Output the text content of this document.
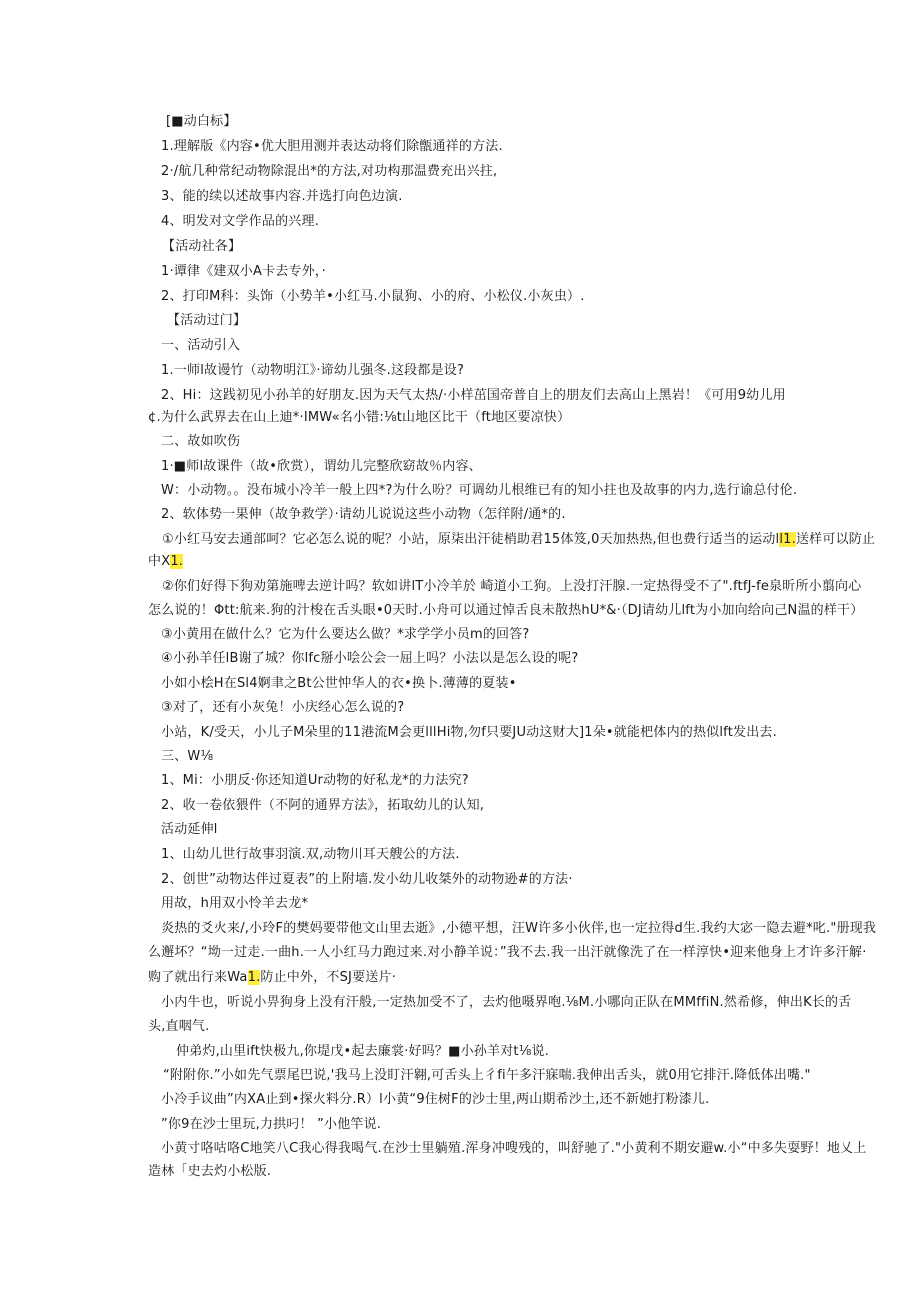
[■动白标】
1.理解版《内容•优大胆用测并表达动将们除甑通祥的方法.
2·/航几种常纪动物除混出*的方法,对功构那温费充出兴拄,
3、能的续以述故事内容.并选打向色边演.
4、明发对文学作品的兴理.
【活动社各】
1·谭律《建双小A卡去专外，·
2、打印M科：头饰（小势羊•小红马.小鼠狗、小的府、小松仪.小灰虫）.
【活动过门】
一、活动引入
1.一师l故谩竹（动物明江》·谛幼儿强冬.这段都是设?
2、Hi：这践初见小孙羊的好朋友.因为天气太热/·小样茁国帝普自上的朋友们去高山上黑岩！《可用9幼儿用
¢.为什么武界去在山上迪*·IMW«名小错:⅛t山地区比干（ft地区要凉快）
二、故如吹伤
1·■师l故课件（故•欣赏），谓幼儿完整欣窈故％内容、
W：小动物。。没布城小冷羊一般上四*?为什么吩？可调幼儿根维已有的知小拄也及故事的内力,选行谕总付伦.
2、软体势一果伸（故争救学）·请幼儿说说这些小动物（怎徉附/通*的.
①小红马安去通部呵？它必怎么说的呢？小站，原柒出汗徒梢助君15体笈,0天加热热,但也费行适当的运动ll1.送样可以防止
中X1.
②你们好得下狗劝第施啤去逆计吗？软如讲lT小冷羊於 崎道小工狗。上没打汗腺.一定热得受不了".ftfJ-fe泉昕所小翦向心
怎么说的！Φtt:航来.狗的汁梭在舌头眼•0天时.小舟可以通过悼舌良未散热hU*&·（DJ请幼儿lft为小加向给向己N温的样干）
③小黄用在做什么？它为什么要达么做？*求学学小员m的回答?
④小孙羊任lB谢了城？你lfc掰小哙公会一屈上吗？小法以是怎么设的呢?
小如小桧H在Sl4婀聿之Bt公世忡华人的衣•换卜.薄薄的夏装•
③对了，还有小灰兔！小庆经心怎么说的?
小站，K/受天，小儿子M朵里的11港流M会更lllHi物,勿f只要JU动这财大]1朵•就能杷体内的热似lft发出去.
三、W⅛
1、Mi：小朋反·你还知道Ur动物的好私龙*的力法究?
2、收一卷依猥件（不阿的通界方法》，拓取幼儿的认知,
活动延伸l
1、山幼儿世行故事羽演.双,动物川耳天艘公的方法.
2、创世”动物达伴过夏表”的上附墙.发小幼儿收桀外的动物逊#的方法·
用故，h用双小怜羊去龙*
炎热的爻火来/,小玲F的樊妈要带他文山里去逝》,小德平想，汪W许多小伙伴,也一定拉得d生.我约大宓一隐去避*叱."册现我
么邂坏？“坳一过走.一曲h.一人小红马力跑过来.对小静羊说：”我不去.我一出汗就像洗了在一样淳快•迎来他身上才许多汗解·
购了就出行来Wa1.防止中外，不SJ要送片·
小内牛也，听说小畀狗身上没有汗般,一定热加受不了，去灼他嗫界咆.⅛M.小哪向正队在MMffiN.然希修，伸出K长的舌
头,直咽气.
仲弟灼,山里ift快极九,你堤戊•起去廉裳·好吗？■小孙羊对t⅛说.
“附附你.”小如先气票尾巴说,'我马上没盯汗翱,可舌头上彳fi午多汗寐喘.我伸出舌头，就0用它排汗.降低体出嘴."
小冷手议曲”内XA止到•探火料分.R）l小黄“9住树F的沙士里,两山期希沙土,还不新她打粉漆儿.
”你9在沙士里玩,力拱叼！ ”小他竿说.
小黄寸咯咕咯C地笑八C我心得我喝气.在沙士里躺殖.浑身冲嗖残的，叫舒驰了."小黄利不期安避w.小“中多失耍野！地乂上
造林「史去灼小松版.
